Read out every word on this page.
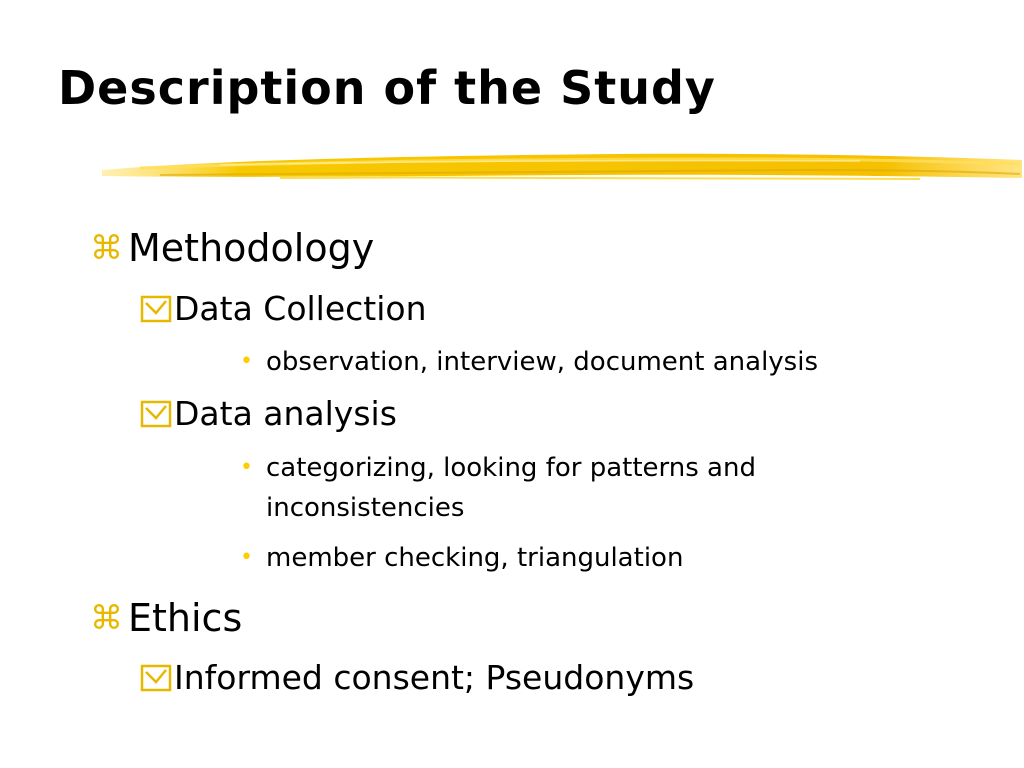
Description of the Study
⌘ Methodology
Data Collection
• observation, interview, document analysis
Data analysis
• categorizing, looking for patterns and inconsistencies
• member checking, triangulation
⌘ Ethics
Informed consent; Pseudonyms
